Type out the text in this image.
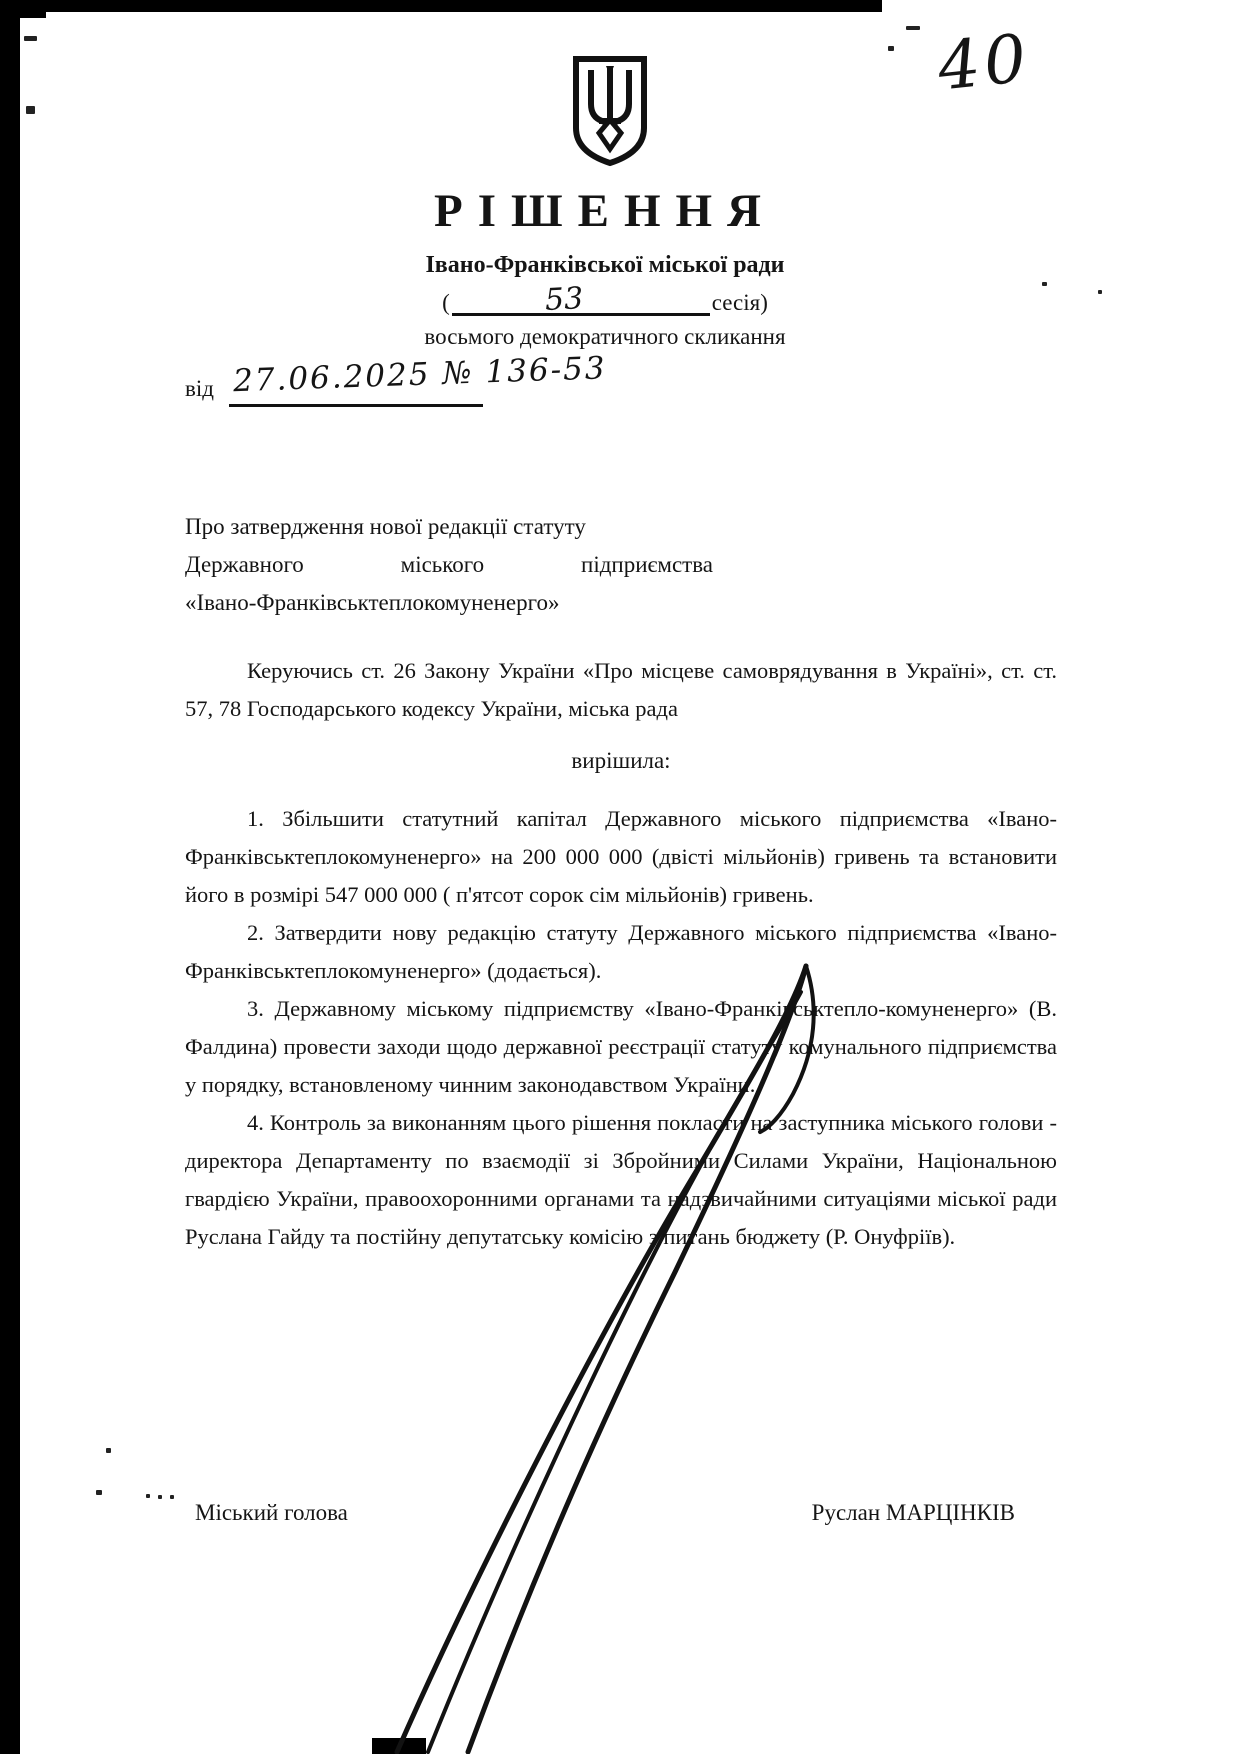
40
РІШЕННЯ
Івано-Франківської міської ради
(	53	сесія)
восьмого демократичного скликання
від 27.06.2025 № 136-53
Про затвердження нової редакції статуту
Державного міського підприємства
«Івано-Франківськтеплокомуненерго»

Керуючись ст. 26 Закону України «Про місцеве самоврядування в Україні», ст. ст. 57, 78 Господарського кодексу України, міська рада

вирішила:

1. Збільшити статутний капітал Державного міського підприємства «Івано-Франківськтеплокомуненерго» на 200 000 000 (двісті мільйонів) гривень та встановити його в розмірі 547 000 000 ( п'ятсот сорок сім мільйонів) гривень.

2. Затвердити нову редакцію статуту Державного міського підприємства «Івано-Франківськтеплокомуненерго» (додається).

3. Державному міському підприємству «Івано-Франківськтепло-комуненерго» (В. Фалдина) провести заходи щодо державної реєстрації статуту комунального підприємства у порядку, встановленому чинним законодавством України.

4. Контроль за виконанням цього рішення покласти на заступника міського голови - директора Департаменту по взаємодії зі Збройними Силами України, Національною гвардією України, правоохоронними органами та надзвичайними ситуаціями міської ради Руслана Гайду та постійну депутатську комісію з питань бюджету (Р. Онуфріїв).

Міський голова	Руслан МАРЦІНКІВ
